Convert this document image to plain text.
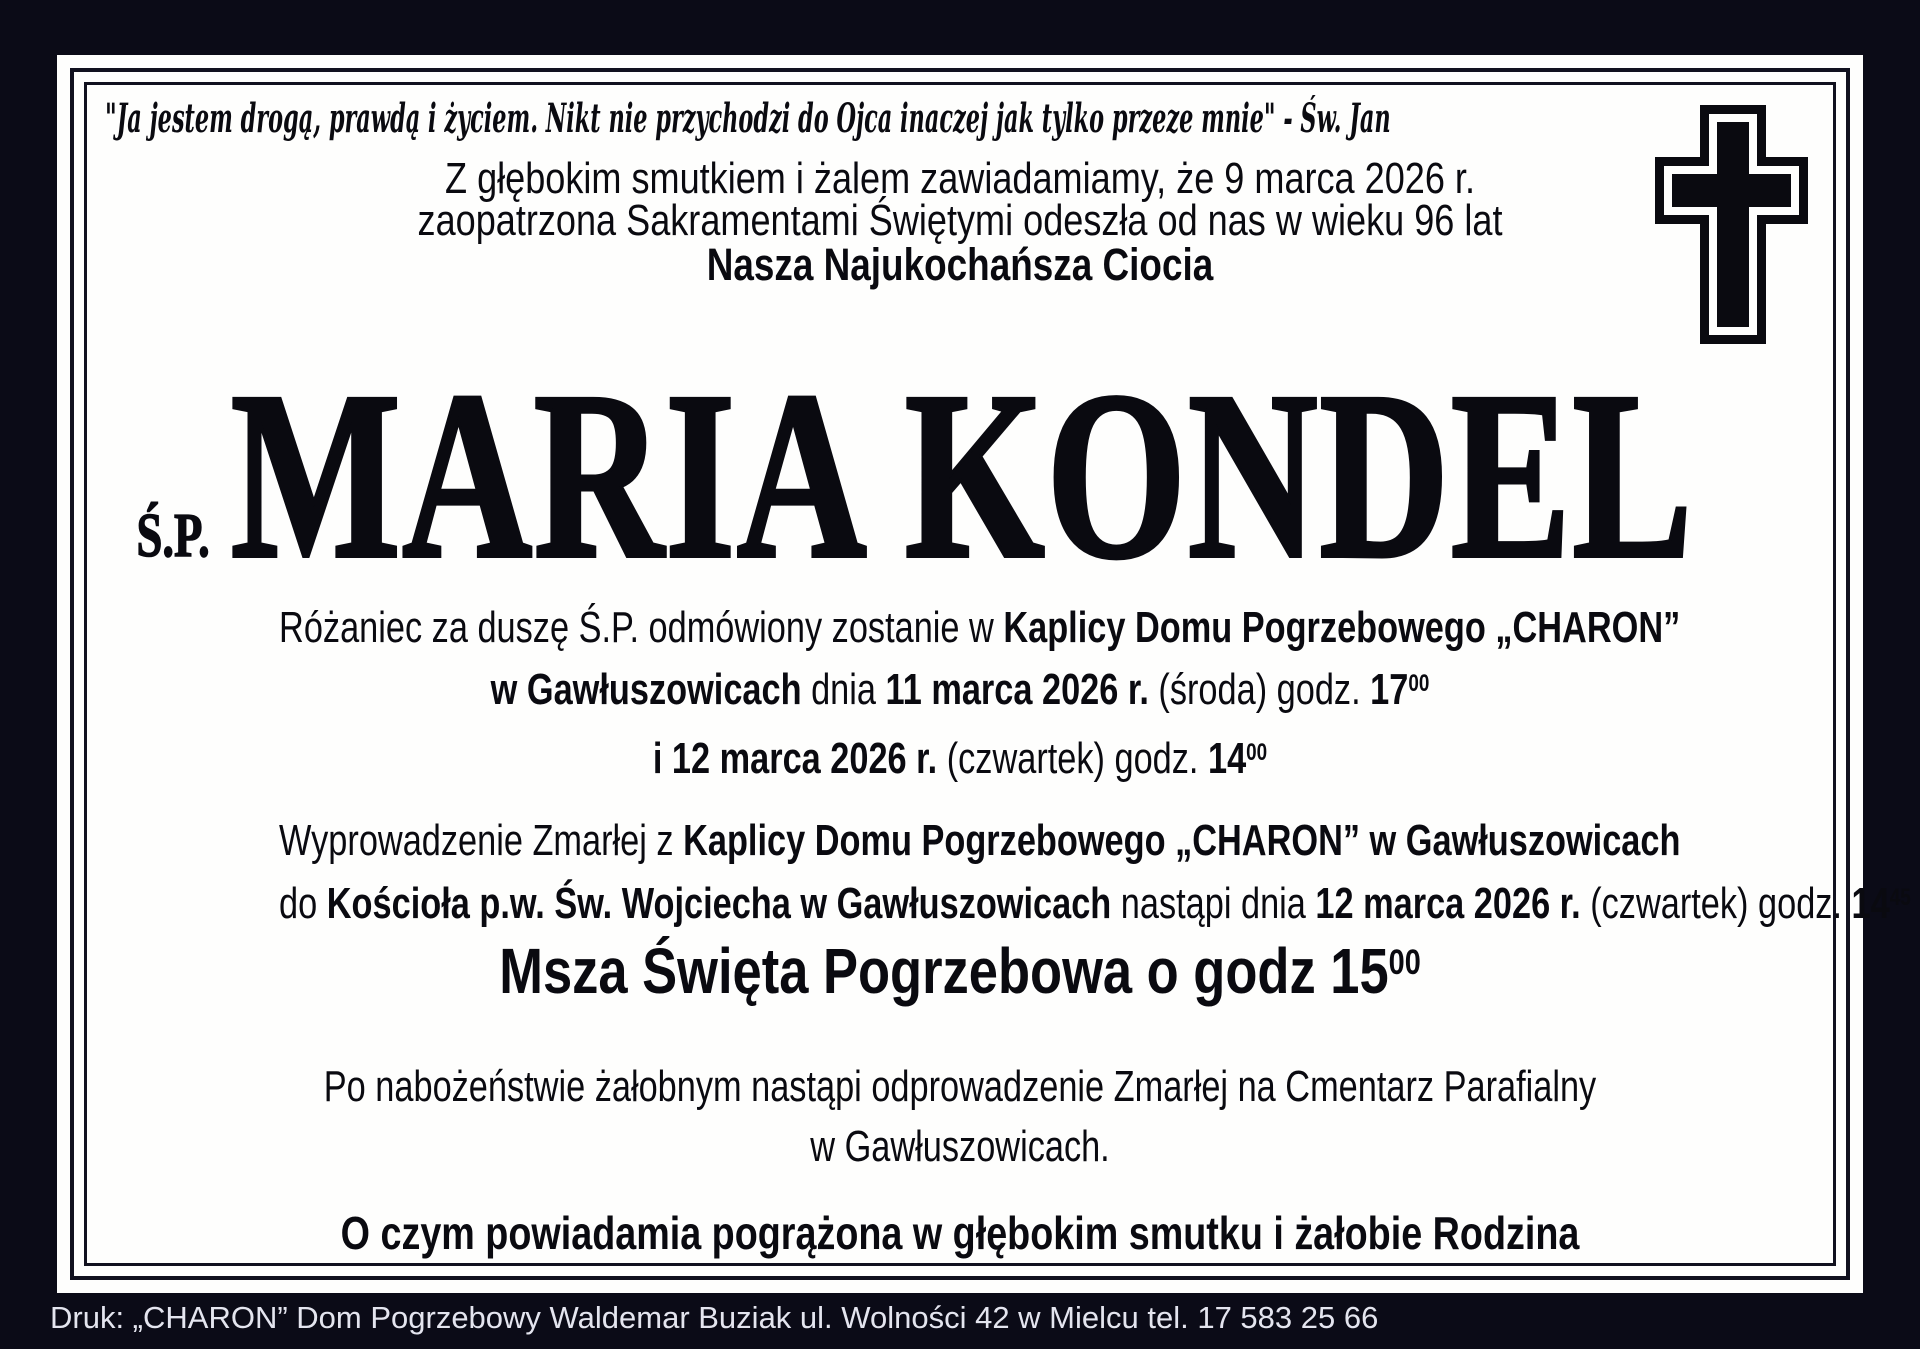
"Ja jestem drogą, prawdą i życiem. Nikt nie przychodzi do Ojca inaczej jak tylko przeze mnie" - Św. Jan
Z głębokim smutkiem i żalem zawiadamiamy, że 9 marca 2026 r.
zaopatrzona Sakramentami Świętymi odeszła od nas w wieku 96 lat
Nasza Najukochańsza Ciocia
Ś.P. MARIA KONDEL
Różaniec za duszę Ś.P. odmówiony zostanie w Kaplicy Domu Pogrzebowego „CHARON”
w Gawłuszowicach dnia 11 marca 2026 r. (środa) godz. $17^{00}$
i 12 marca 2026 r. (czwartek) godz. $14^{00}$
Wyprowadzenie Zmarłej z Kaplicy Domu Pogrzebowego „CHARON” w Gawłuszowicach
do Kościoła p.w. Św. Wojciecha w Gawłuszowicach nastąpi dnia 12 marca 2026 r. (czwartek) godz. $14^{45}$
Msza Święta Pogrzebowa o godz $15^{00}$
Po nabożeństwie żałobnym nastąpi odprowadzenie Zmarłej na Cmentarz Parafialny
w Gawłuszowicach.
O czym powiadamia pogrążona w głębokim smutku i żałobie Rodzina
Druk: „CHARON” Dom Pogrzebowy Waldemar Buziak ul. Wolności 42 w Mielcu tel. 17 583 25 66
